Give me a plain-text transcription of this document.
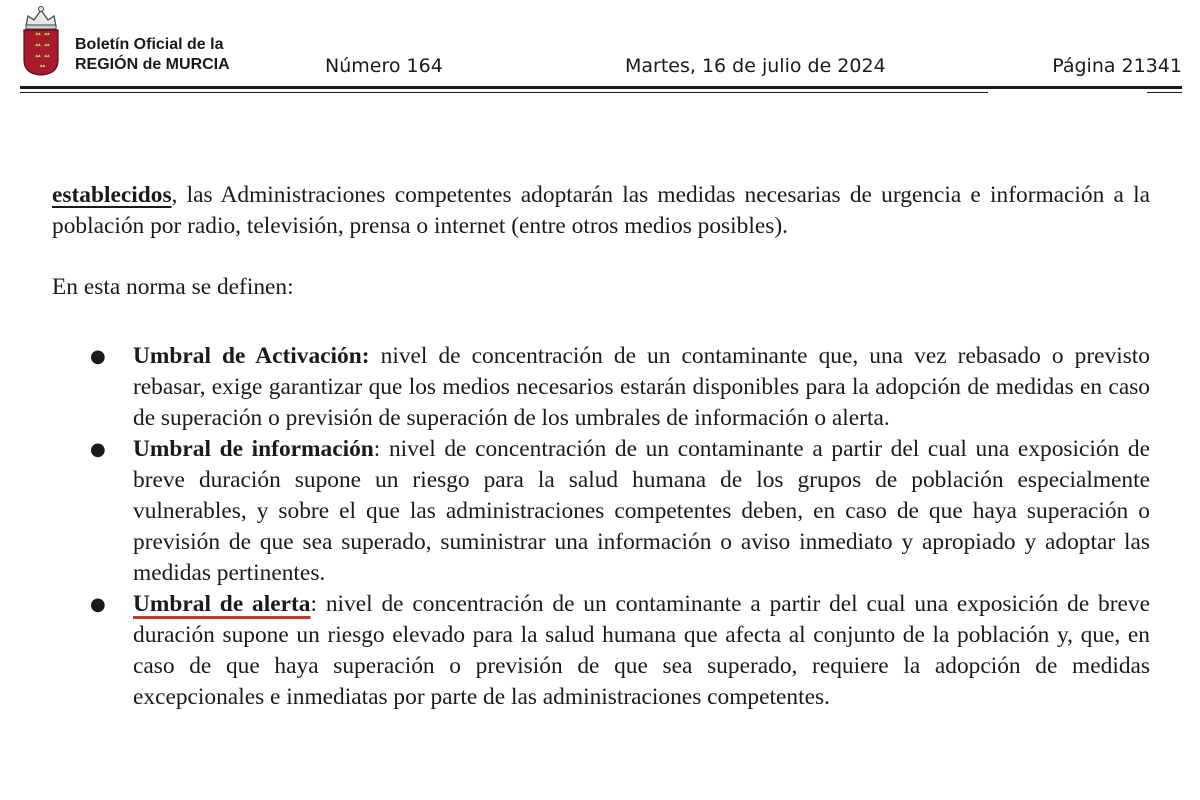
Boletín Oficial de la
REGIÓN de MURCIA	Número 164	Martes, 16 de julio de 2024	Página 21341

establecidos, las Administraciones competentes adoptarán las medidas necesarias de urgencia e información a la población por radio, televisión, prensa o internet (entre otros medios posibles).

En esta norma se definen:

● Umbral de Activación: nivel de concentración de un contaminante que, una vez rebasado o previsto rebasar, exige garantizar que los medios necesarios estarán disponibles para la adopción de medidas en caso de superación o previsión de superación de los umbrales de información o alerta.
● Umbral de información: nivel de concentración de un contaminante a partir del cual una exposición de breve duración supone un riesgo para la salud humana de los grupos de población especialmente vulnerables, y sobre el que las administraciones competentes deben, en caso de que haya superación o previsión de que sea superado, suministrar una información o aviso inmediato y apropiado y adoptar las medidas pertinentes.
● Umbral de alerta: nivel de concentración de un contaminante a partir del cual una exposición de breve duración supone un riesgo elevado para la salud humana que afecta al conjunto de la población y, que, en caso de que haya superación o previsión de que sea superado, requiere la adopción de medidas excepcionales e inmediatas por parte de las administraciones competentes.
